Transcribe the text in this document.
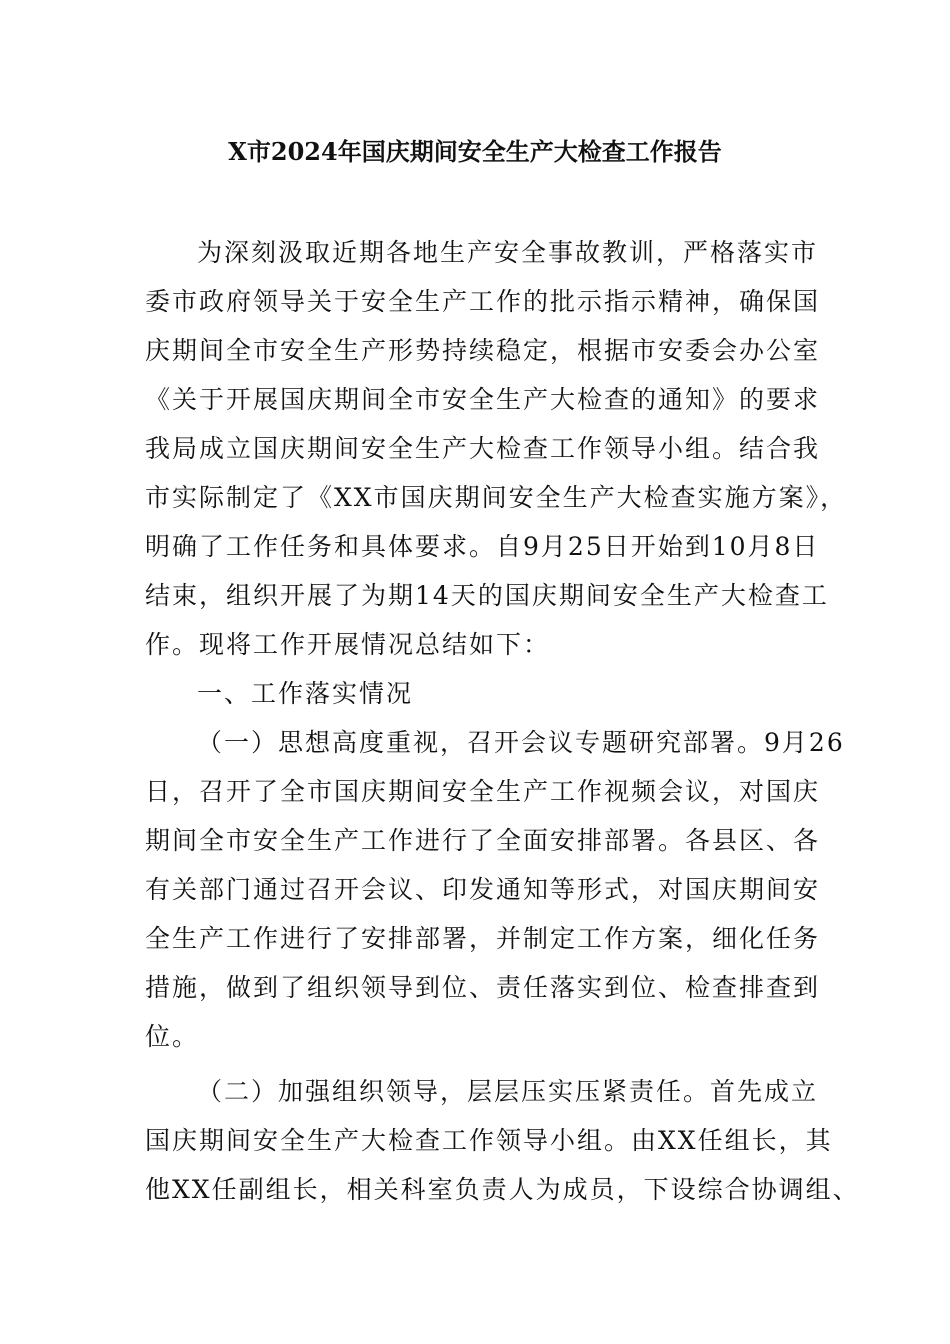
X市2024年国庆期间安全生产大检查工作报告
为深刻汲取近期各地生产安全事故教训，严格落实市
委市政府领导关于安全生产工作的批示指示精神，确保国
庆期间全市安全生产形势持续稳定，根据市安委会办公室
《关于开展国庆期间全市安全生产大检查的通知》的要求
我局成立国庆期间安全生产大检查工作领导小组。结合我
市实际制定了《XX市国庆期间安全生产大检查实施方案》，
明确了工作任务和具体要求。自9月25日开始到10月8日
结束，组织开展了为期14天的国庆期间安全生产大检查工
作。现将工作开展情况总结如下：
一、工作落实情况
（一）思想高度重视，召开会议专题研究部署。9月26
日，召开了全市国庆期间安全生产工作视频会议，对国庆
期间全市安全生产工作进行了全面安排部署。各县区、各
有关部门通过召开会议、印发通知等形式，对国庆期间安
全生产工作进行了安排部署，并制定工作方案，细化任务
措施，做到了组织领导到位、责任落实到位、检查排查到
位。
（二）加强组织领导，层层压实压紧责任。首先成立
国庆期间安全生产大检查工作领导小组。由XX任组长，其
他XX任副组长，相关科室负责人为成员，下设综合协调组、
